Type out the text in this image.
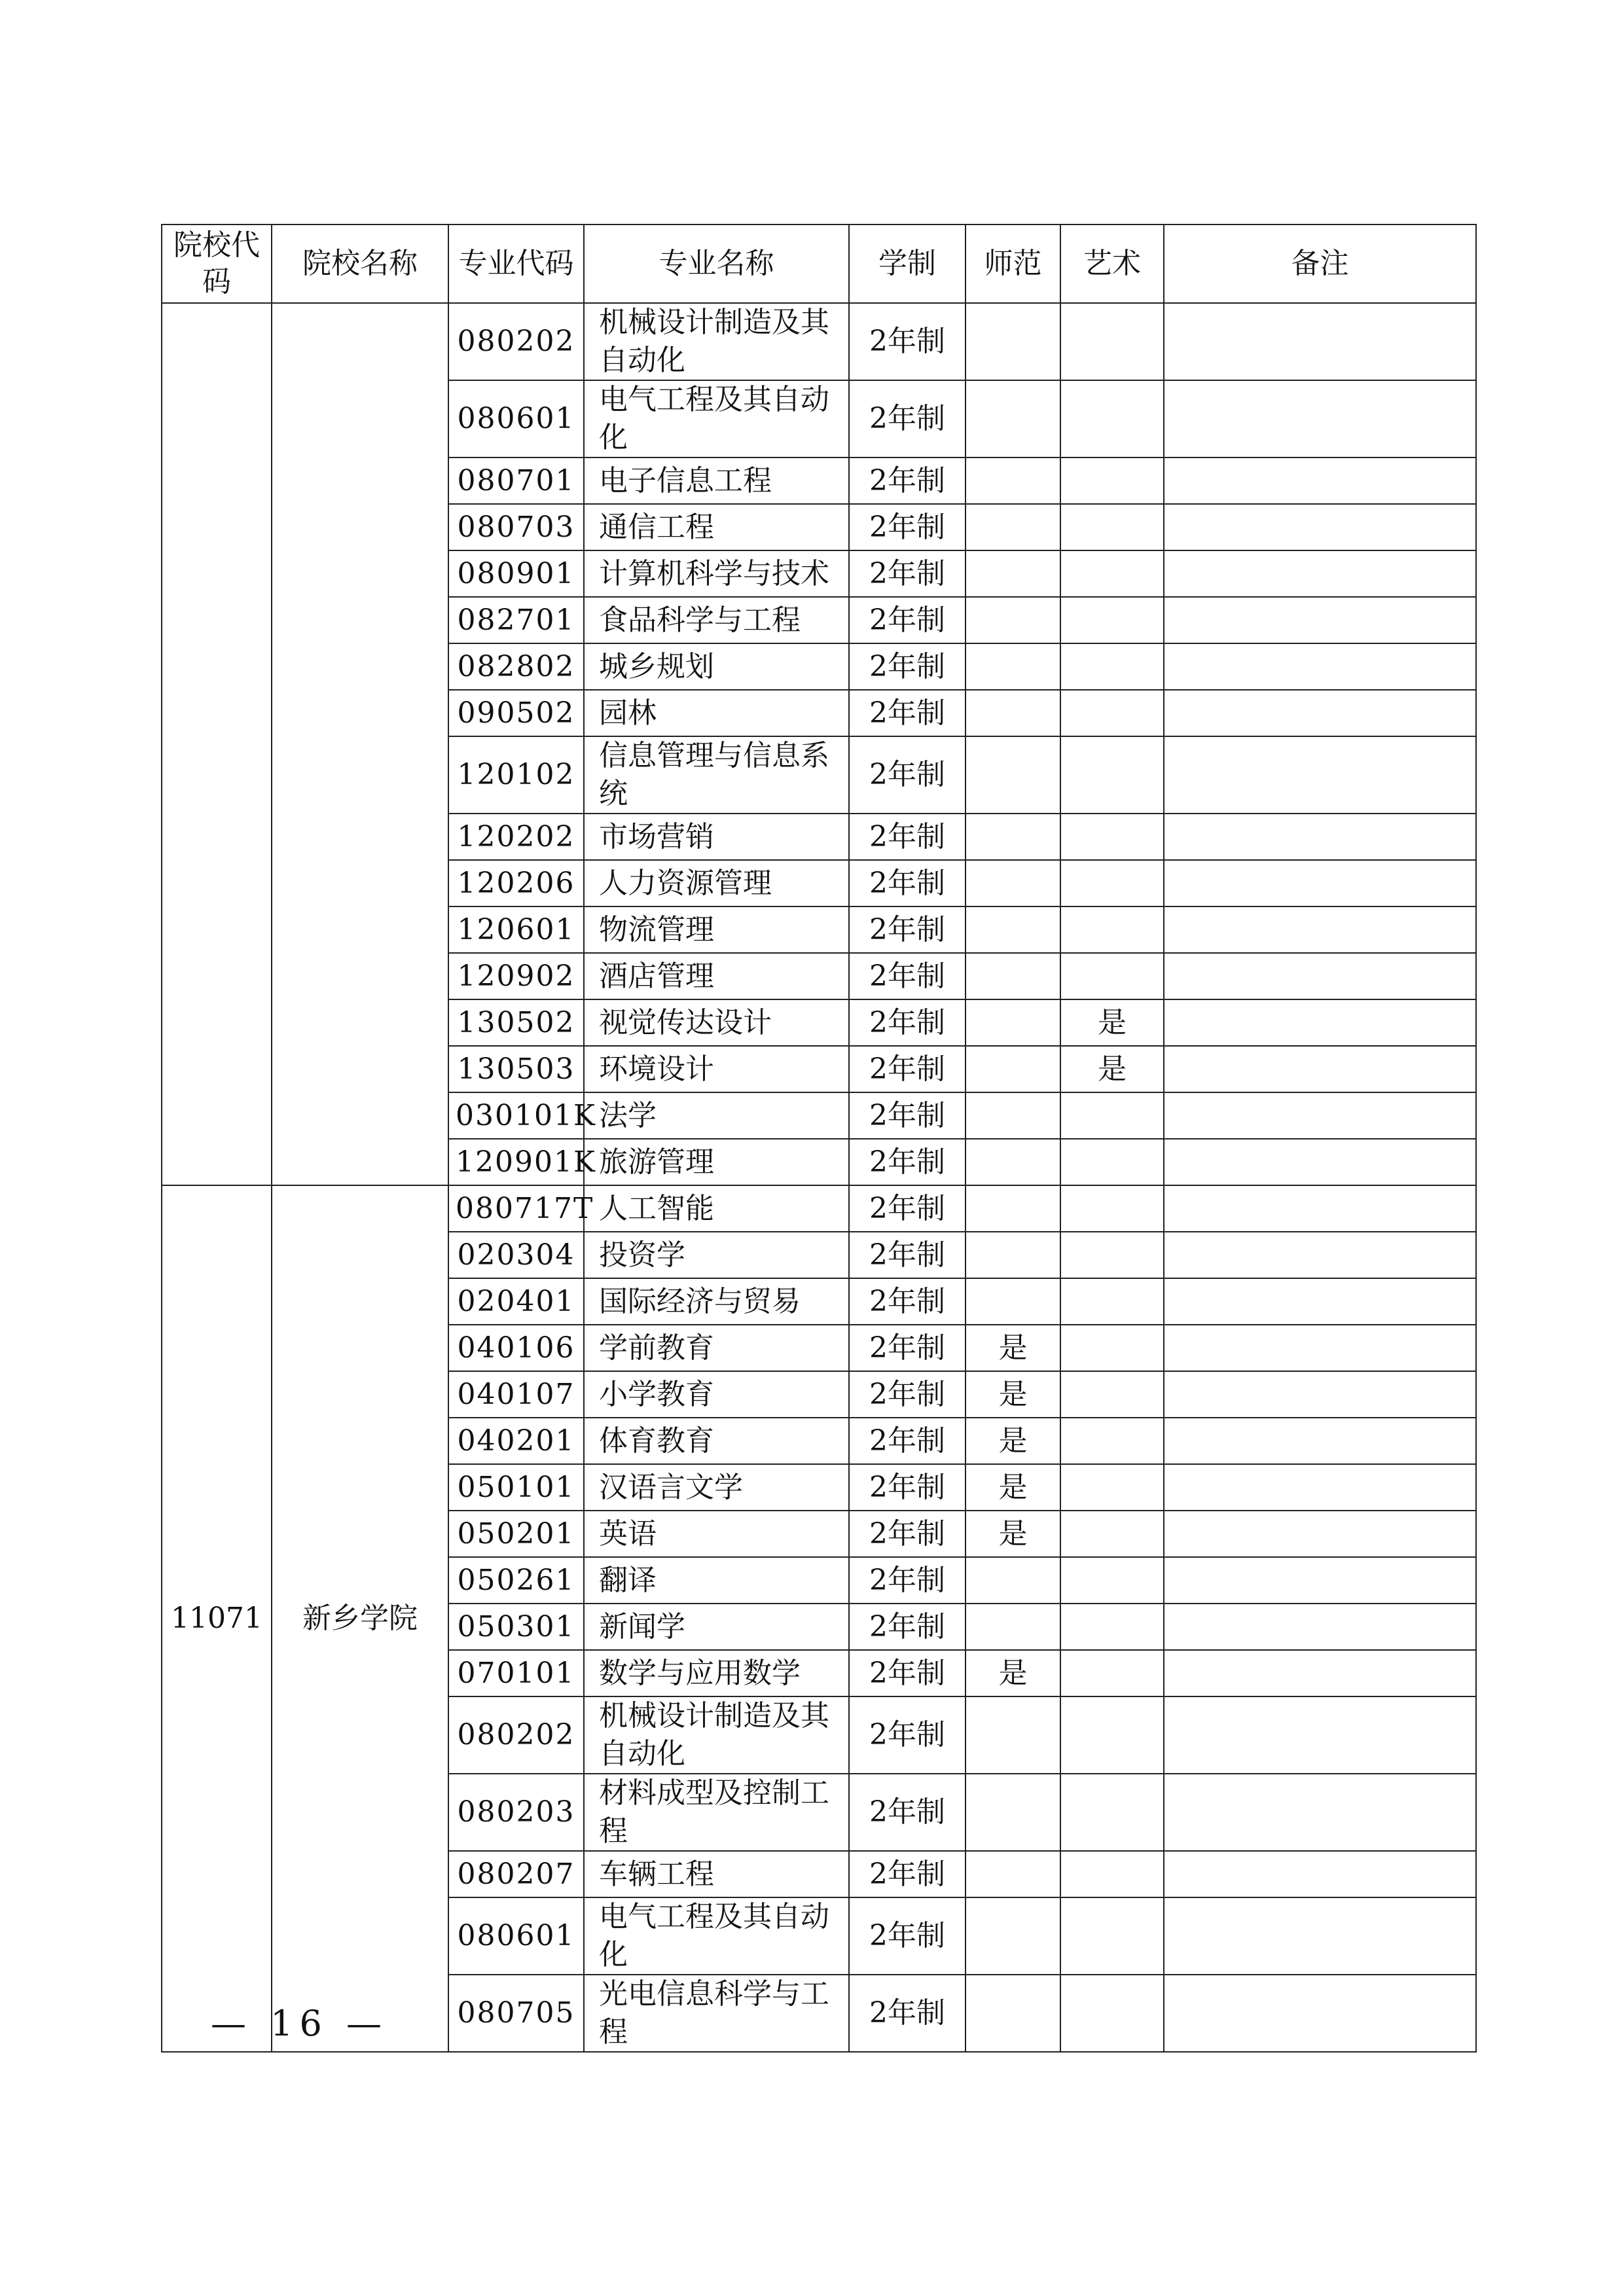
院校代码	院校名称	专业代码	专业名称	学制	师范	艺术	备注
		080202	机械设计制造及其自动化	2年制			
		080601	电气工程及其自动化	2年制			
		080701	电子信息工程	2年制			
		080703	通信工程	2年制			
		080901	计算机科学与技术	2年制			
		082701	食品科学与工程	2年制			
		082802	城乡规划	2年制			
		090502	园林	2年制			
		120102	信息管理与信息系统	2年制			
		120202	市场营销	2年制			
		120206	人力资源管理	2年制			
		120601	物流管理	2年制			
		120902	酒店管理	2年制			
		130502	视觉传达设计	2年制		是	
		130503	环境设计	2年制		是	
		030101K	法学	2年制			
		120901K	旅游管理	2年制			
11071	新乡学院	080717T	人工智能	2年制			
		020304	投资学	2年制			
		020401	国际经济与贸易	2年制			
		040106	学前教育	2年制	是		
		040107	小学教育	2年制	是		
		040201	体育教育	2年制	是		
		050101	汉语言文学	2年制	是		
		050201	英语	2年制	是		
		050261	翻译	2年制			
		050301	新闻学	2年制			
		070101	数学与应用数学	2年制	是		
		080202	机械设计制造及其自动化	2年制			
		080203	材料成型及控制工程	2年制			
		080207	车辆工程	2年制			
		080601	电气工程及其自动化	2年制			
		080705	光电信息科学与工程	2年制			
— 16 —
